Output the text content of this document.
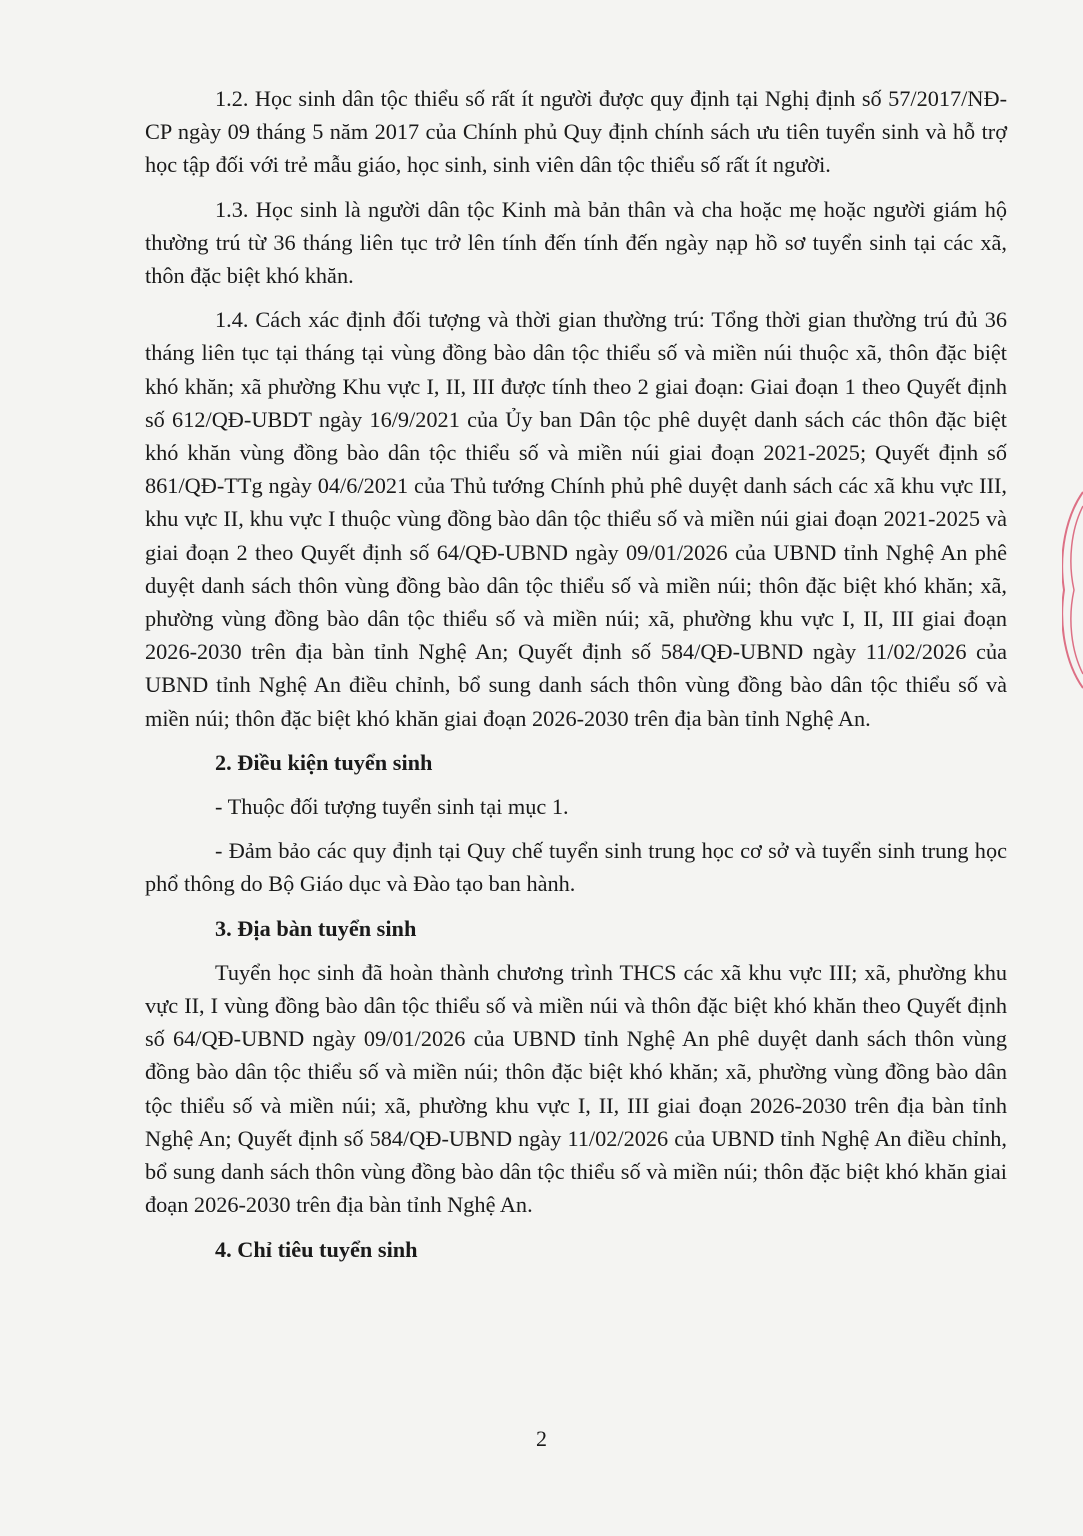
1.2. Học sinh dân tộc thiểu số rất ít người được quy định tại Nghị định số 57/2017/NĐ-CP ngày 09 tháng 5 năm 2017 của Chính phủ Quy định chính sách ưu tiên tuyển sinh và hỗ trợ học tập đối với trẻ mẫu giáo, học sinh, sinh viên dân tộc thiểu số rất ít người.

1.3. Học sinh là người dân tộc Kinh mà bản thân và cha hoặc mẹ hoặc người giám hộ thường trú từ 36 tháng liên tục trở lên tính đến tính đến ngày nạp hồ sơ tuyển sinh tại các xã, thôn đặc biệt khó khăn.

1.4. Cách xác định đối tượng và thời gian thường trú: Tổng thời gian thường trú đủ 36 tháng liên tục tại tháng tại vùng đồng bào dân tộc thiểu số và miền núi thuộc xã, thôn đặc biệt khó khăn; xã phường Khu vực I, II, III được tính theo 2 giai đoạn: Giai đoạn 1 theo Quyết định số 612/QĐ-UBDT ngày 16/9/2021 của Ủy ban Dân tộc phê duyệt danh sách các thôn đặc biệt khó khăn vùng đồng bào dân tộc thiểu số và miền núi giai đoạn 2021-2025; Quyết định số 861/QĐ-TTg ngày 04/6/2021 của Thủ tướng Chính phủ phê duyệt danh sách các xã khu vực III, khu vực II, khu vực I thuộc vùng đồng bào dân tộc thiểu số và miền núi giai đoạn 2021-2025 và giai đoạn 2 theo Quyết định số 64/QĐ-UBND ngày 09/01/2026 của UBND tỉnh Nghệ An phê duyệt danh sách thôn vùng đồng bào dân tộc thiểu số và miền núi; thôn đặc biệt khó khăn; xã, phường vùng đồng bào dân tộc thiểu số và miền núi; xã, phường khu vực I, II, III giai đoạn 2026-2030 trên địa bàn tỉnh Nghệ An; Quyết định số 584/QĐ-UBND ngày 11/02/2026 của UBND tỉnh Nghệ An điều chỉnh, bổ sung danh sách thôn vùng đồng bào dân tộc thiểu số và miền núi; thôn đặc biệt khó khăn giai đoạn 2026-2030 trên địa bàn tỉnh Nghệ An.

2. Điều kiện tuyển sinh

- Thuộc đối tượng tuyển sinh tại mục 1.

- Đảm bảo các quy định tại Quy chế tuyển sinh trung học cơ sở và tuyển sinh trung học phổ thông do Bộ Giáo dục và Đào tạo ban hành.

3. Địa bàn tuyển sinh

Tuyển học sinh đã hoàn thành chương trình THCS các xã khu vực III; xã, phường khu vực II, I vùng đồng bào dân tộc thiểu số và miền núi và thôn đặc biệt khó khăn theo Quyết định số 64/QĐ-UBND ngày 09/01/2026 của UBND tỉnh Nghệ An phê duyệt danh sách thôn vùng đồng bào dân tộc thiểu số và miền núi; thôn đặc biệt khó khăn; xã, phường vùng đồng bào dân tộc thiểu số và miền núi; xã, phường khu vực I, II, III giai đoạn 2026-2030 trên địa bàn tỉnh Nghệ An; Quyết định số 584/QĐ-UBND ngày 11/02/2026 của UBND tỉnh Nghệ An điều chỉnh, bổ sung danh sách thôn vùng đồng bào dân tộc thiểu số và miền núi; thôn đặc biệt khó khăn giai đoạn 2026-2030 trên địa bàn tỉnh Nghệ An.

4. Chỉ tiêu tuyển sinh

2
